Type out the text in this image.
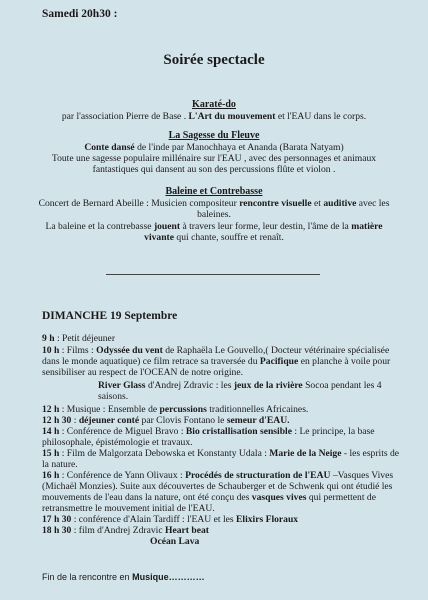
Samedi 20h30 :
Soirée spectacle
Karaté-do
par l'association Pierre de Base . L'Art du mouvement et l'EAU dans le corps.
La Sagesse du Fleuve
Conte dansé de l'inde par Manochhaya et Ananda (Barata Natyam)
Toute une sagesse populaire millénaire sur l'EAU , avec des personnages et animaux
fantastiques qui dansent au son des percussions flûte et violon .
Baleine et Contrebasse
Concert de Bernard Abeille : Musicien compositeur rencontre visuelle et auditive avec les
baleines.
La baleine et la contrebasse jouent à travers leur forme, leur destin, l'âme de la matière
vivante qui chante, souffre et renaît.
DIMANCHE 19 Septembre
9 h : Petit déjeuner
10 h : Films : Odyssée du vent de Raphaëla Le Gouvello,( Docteur vétérinaire spécialisée
dans le monde aquatique) ce film retrace sa traversée du Pacifique en planche à voile pour
sensibiliser au respect de l'OCEAN de notre origine.
River Glass d'Andrej Zdravic : les jeux de la rivière Socoa pendant les 4
saisons.
12 h : Musique : Ensemble de percussions traditionnelles Africaines.
12 h 30 : déjeuner conté par Clovis Fontano le semeur d'EAU.
14 h : Conférence de Miguel Bravo : Bio cristallisation sensible : Le principe, la base
philosophale, épistémologie et travaux.
15 h : Film de Malgorzata Debowska et Konstanty Udala : Marie de la Neige - les esprits de
la nature.
16 h : Conférence de Yann Olivaux : Procédés de structuration de l'EAU –Vasques Vives
(Michaël Monzies). Suite aux découvertes de Schauberger et de Schwenk qui ont étudié les
mouvements de l'eau dans la nature, ont été conçu des vasques vives qui permettent de
retransmettre le mouvement initial de l'EAU.
17 h 30 : conférence d'Alain Tardiff : l'EAU et les Elixirs Floraux
18 h 30 : film d'Andrej Zdravic Heart beat
Océan Lava
Fin de la rencontre en Musique…………
